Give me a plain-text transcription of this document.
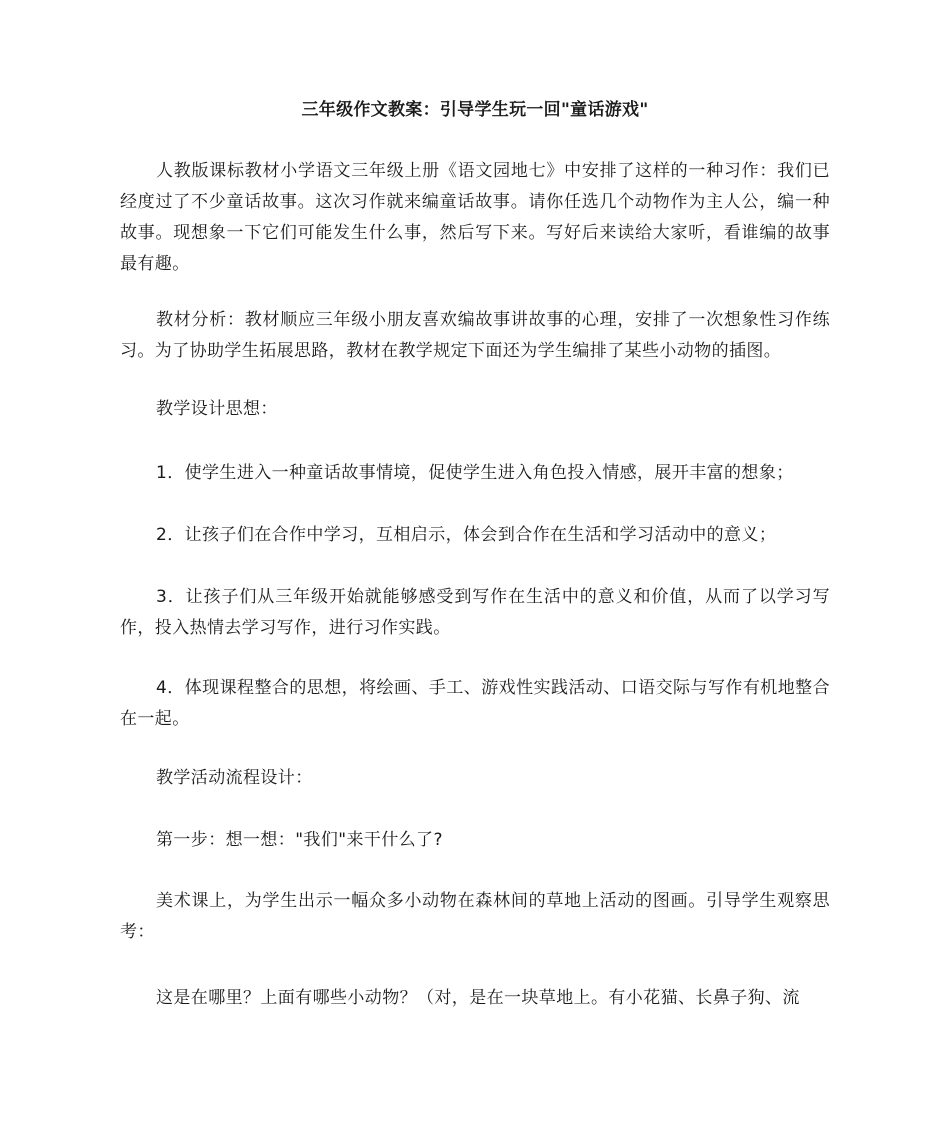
三年级作文教案：引导学生玩一回"童话游戏"

人教版课标教材小学语文三年级上册《语文园地七》中安排了这样的一种习作：我们已经度过了不少童话故事。这次习作就来编童话故事。请你任选几个动物作为主人公，编一种故事。现想象一下它们可能发生什么事，然后写下来。写好后来读给大家听，看谁编的故事最有趣。

教材分析：教材顺应三年级小朋友喜欢编故事讲故事的心理，安排了一次想象性习作练习。为了协助学生拓展思路，教材在教学规定下面还为学生编排了某些小动物的插图。

教学设计思想：

1．使学生进入一种童话故事情境，促使学生进入角色投入情感，展开丰富的想象；

2．让孩子们在合作中学习，互相启示，体会到合作在生活和学习活动中的意义；

3．让孩子们从三年级开始就能够感受到写作在生活中的意义和价值，从而了以学习写作，投入热情去学习写作，进行习作实践。

4．体现课程整合的思想，将绘画、手工、游戏性实践活动、口语交际与写作有机地整合在一起。

教学活动流程设计：

第一步：想一想："我们"来干什么了?

美术课上，为学生出示一幅众多小动物在森林间的草地上活动的图画。引导学生观察思考：

这是在哪里？上面有哪些小动物？（对，是在一块草地上。有小花猫、长鼻子狗、流
